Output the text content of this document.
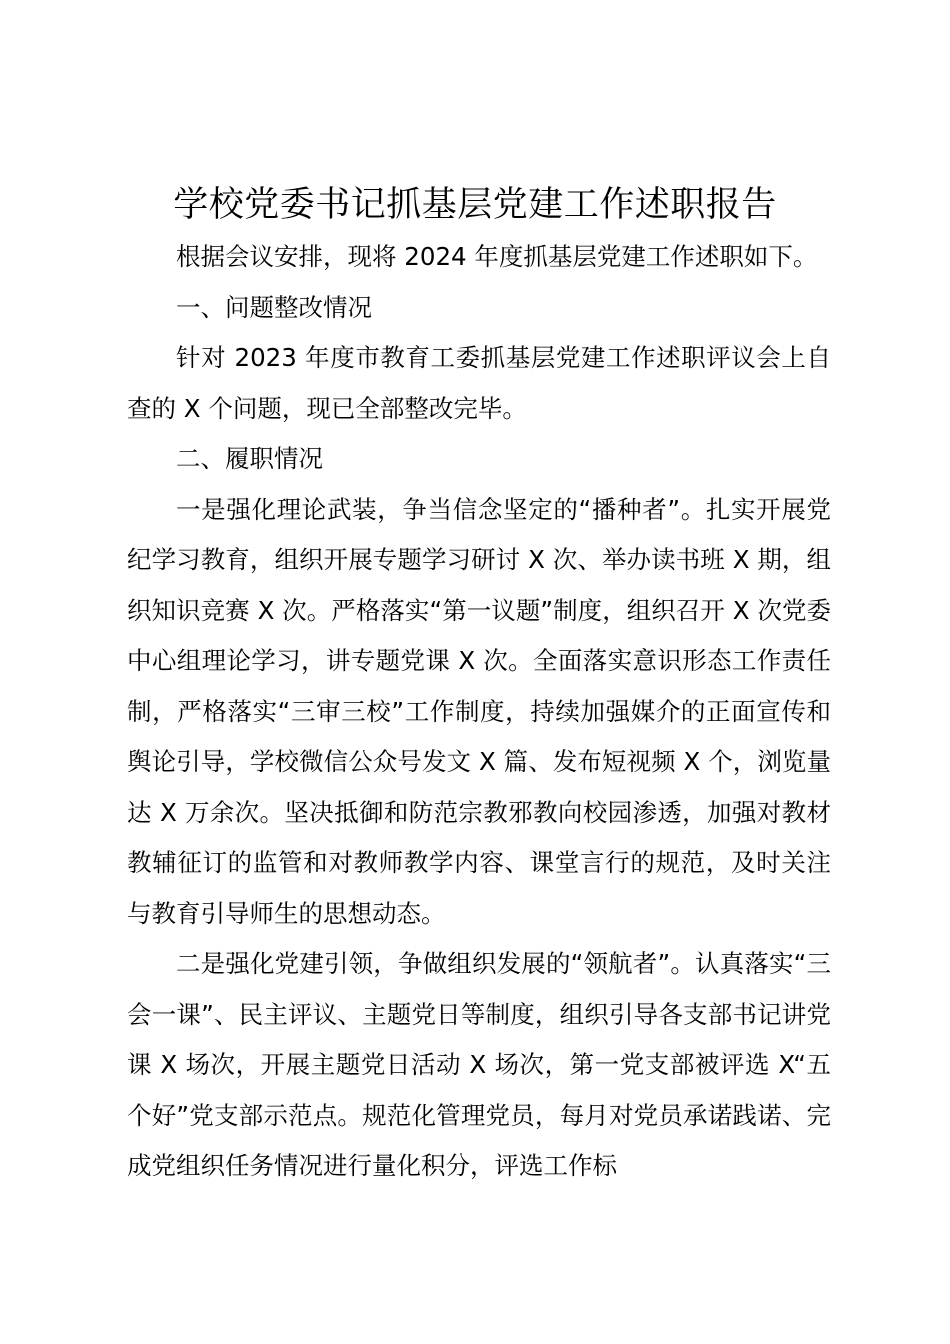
学校党委书记抓基层党建工作述职报告

根据会议安排，现将 2024 年度抓基层党建工作述职如下。

一、问题整改情况

针对 2023 年度市教育工委抓基层党建工作述职评议会上自查的 X 个问题，现已全部整改完毕。

二、履职情况

一是强化理论武装，争当信念坚定的“播种者”。扎实开展党纪学习教育，组织开展专题学习研讨 X 次、举办读书班 X 期，组织知识竞赛 X 次。严格落实“第一议题”制度，组织召开 X 次党委中心组理论学习，讲专题党课 X 次。全面落实意识形态工作责任制，严格落实“三审三校”工作制度，持续加强媒介的正面宣传和舆论引导，学校微信公众号发文 X 篇、发布短视频 X 个，浏览量达 X 万余次。坚决抵御和防范宗教邪教向校园渗透，加强对教材教辅征订的监管和对教师教学内容、课堂言行的规范，及时关注与教育引导师生的思想动态。

二是强化党建引领，争做组织发展的“领航者”。认真落实“三会一课”、民主评议、主题党日等制度，组织引导各支部书记讲党课 X 场次，开展主题党日活动 X 场次，第一党支部被评选 X“五个好”党支部示范点。规范化管理党员，每月对党员承诺践诺、完成党组织任务情况进行量化积分，评选工作标
